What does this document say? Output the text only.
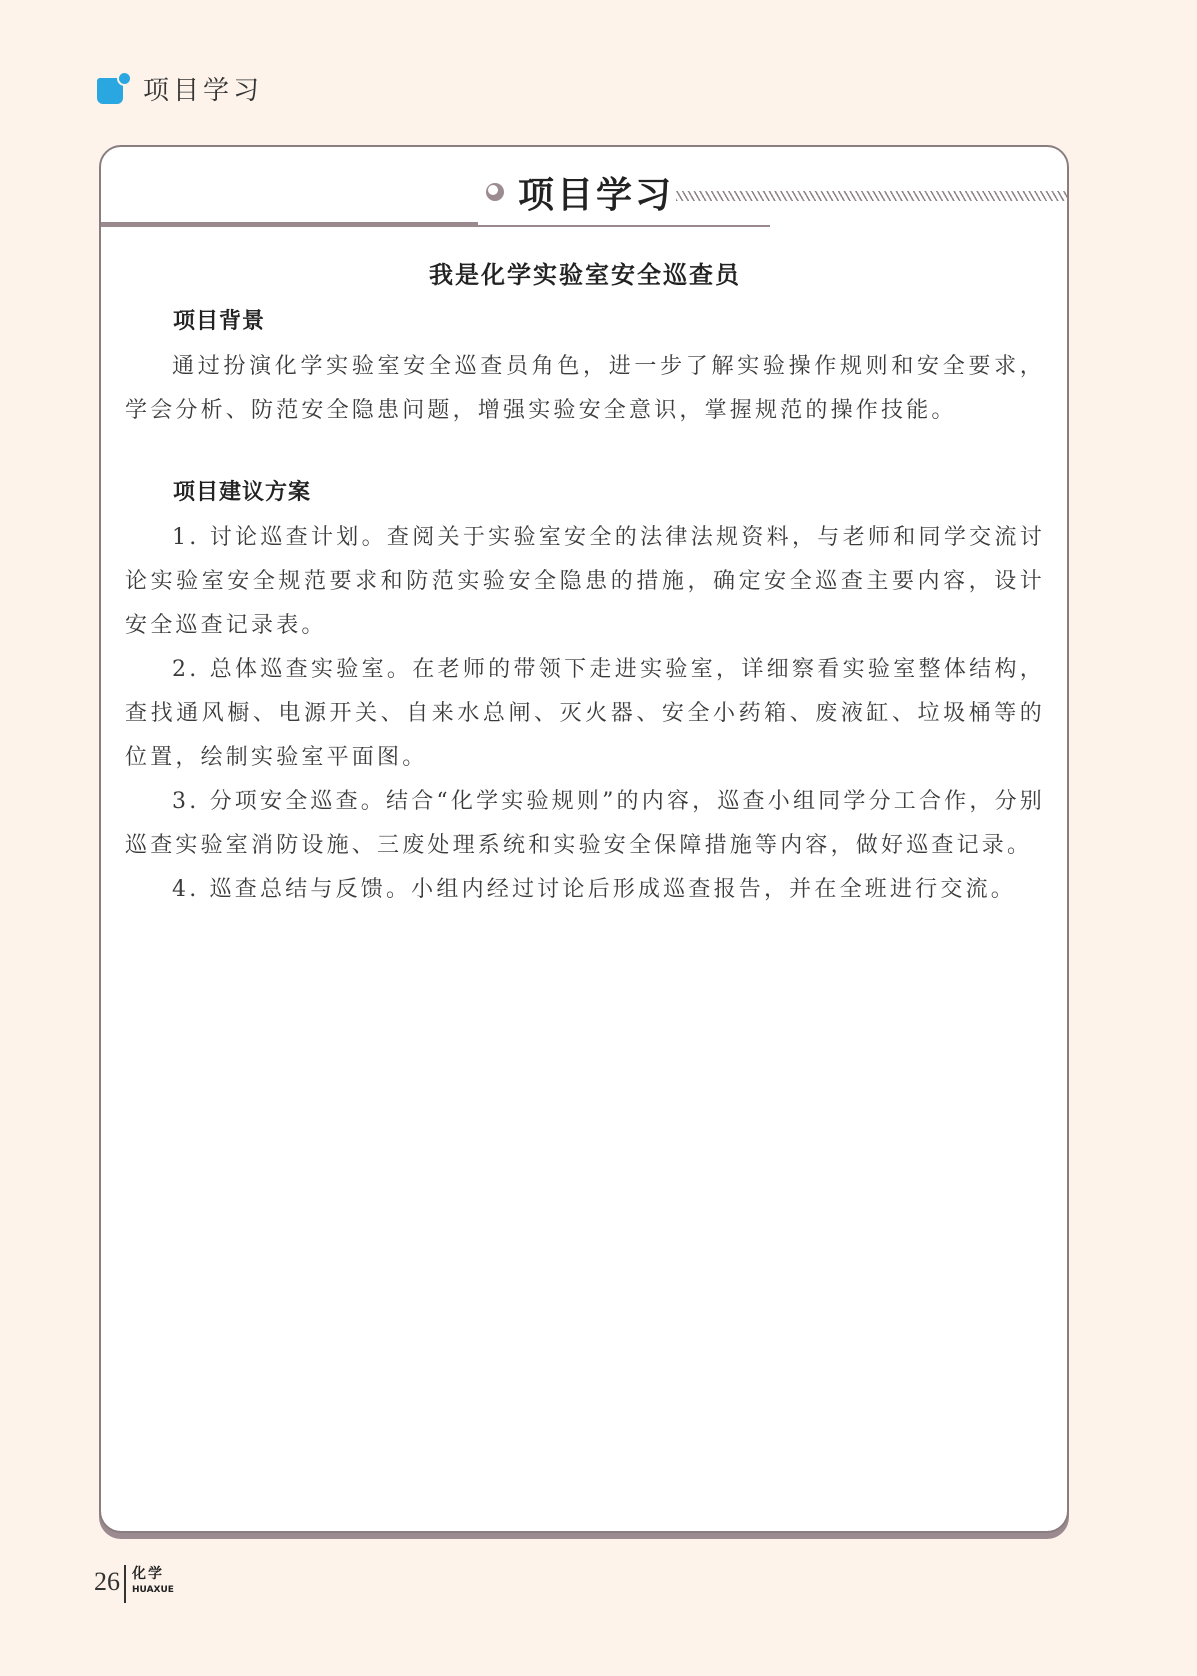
项目学习
项目学习

我是化学实验室安全巡查员

项目背景

通过扮演化学实验室安全巡查员角色，进一步了解实验操作规则和安全要求，学会分析、防范安全隐患问题，增强实验安全意识，掌握规范的操作技能。

项目建议方案

1. 讨论巡查计划。查阅关于实验室安全的法律法规资料，与老师和同学交流讨论实验室安全规范要求和防范实验安全隐患的措施，确定安全巡查主要内容，设计安全巡查记录表。

2. 总体巡查实验室。在老师的带领下走进实验室，详细察看实验室整体结构，查找通风橱、电源开关、自来水总闸、灭火器、安全小药箱、废液缸、垃圾桶等的位置，绘制实验室平面图。

3. 分项安全巡查。结合“化学实验规则”的内容，巡查小组同学分工合作，分别巡查实验室消防设施、三废处理系统和实验安全保障措施等内容，做好巡查记录。

4. 巡查总结与反馈。小组内经过讨论后形成巡查报告，并在全班进行交流。

26 化学
HUAXUE
